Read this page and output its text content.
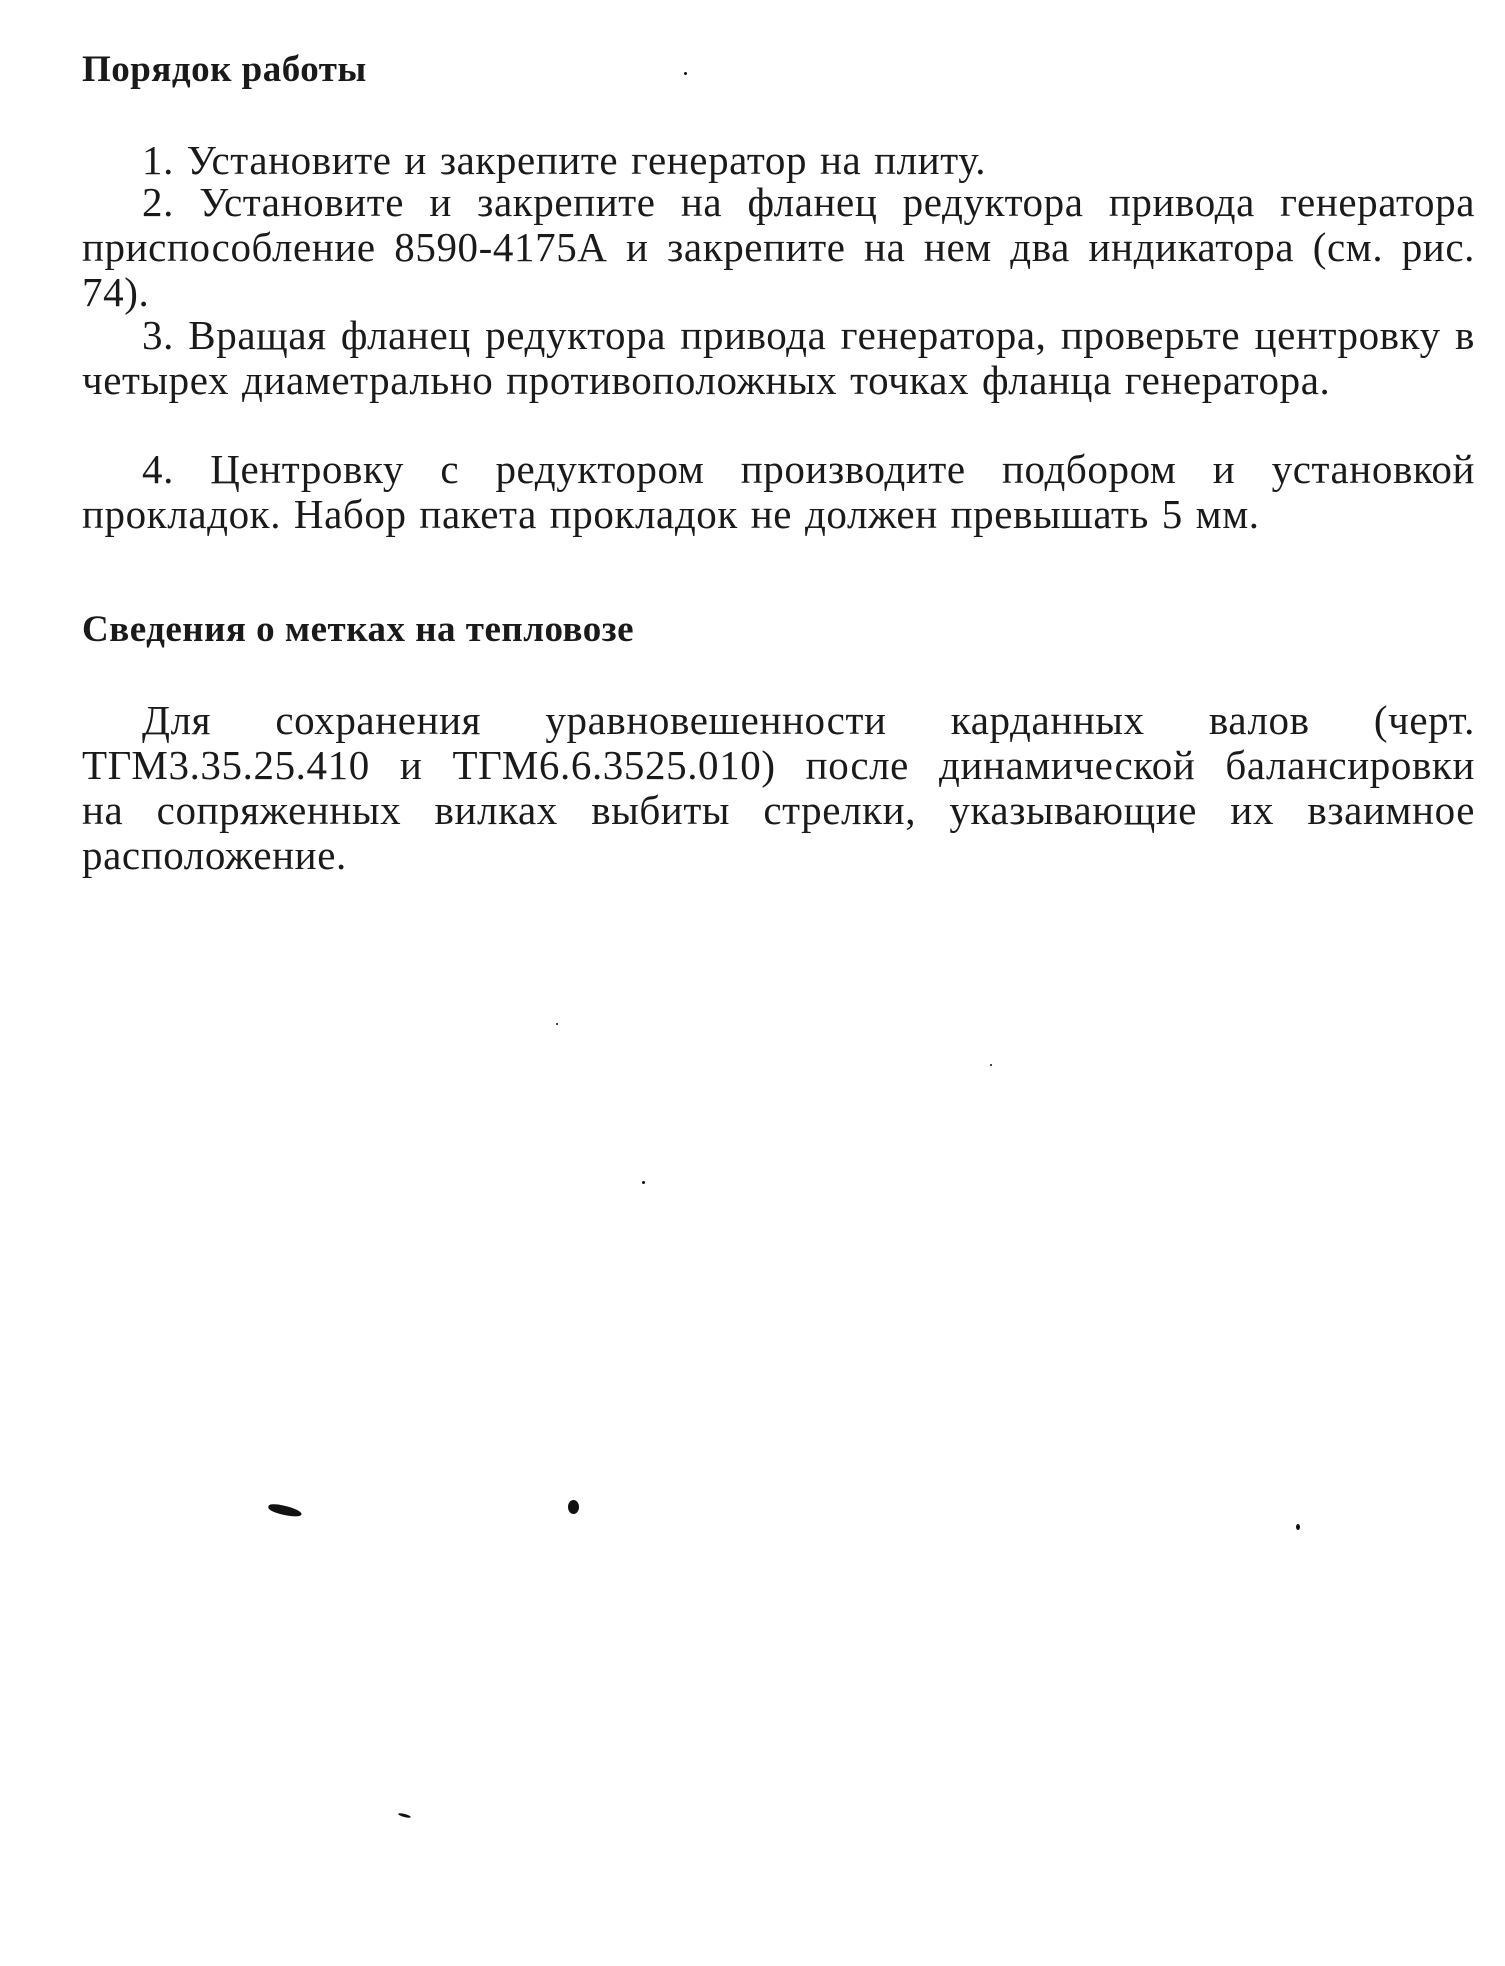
Порядок работы

1. Установите и закрепите генератор на плиту.

2. Установите и закрепите на фланец редуктора привода генератора приспособление 8590-4175А и закрепите на нем два индикатора (см. рис. 74).

3. Вращая фланец редуктора привода генератора, проверьте центровку в четырех диаметрально противоположных точках фланца генератора.

4. Центровку с редуктором производите подбором и установкой прокладок. Набор пакета прокладок не должен превышать 5 мм.

Сведения о метках на тепловозе

Для сохранения уравновешенности карданных валов (черт. ТГМ3.35.25.410 и ТГМ6.6.3525.010) после динамической балансировки на сопряженных вилках выбиты стрелки, указывающие их взаимное расположение.
